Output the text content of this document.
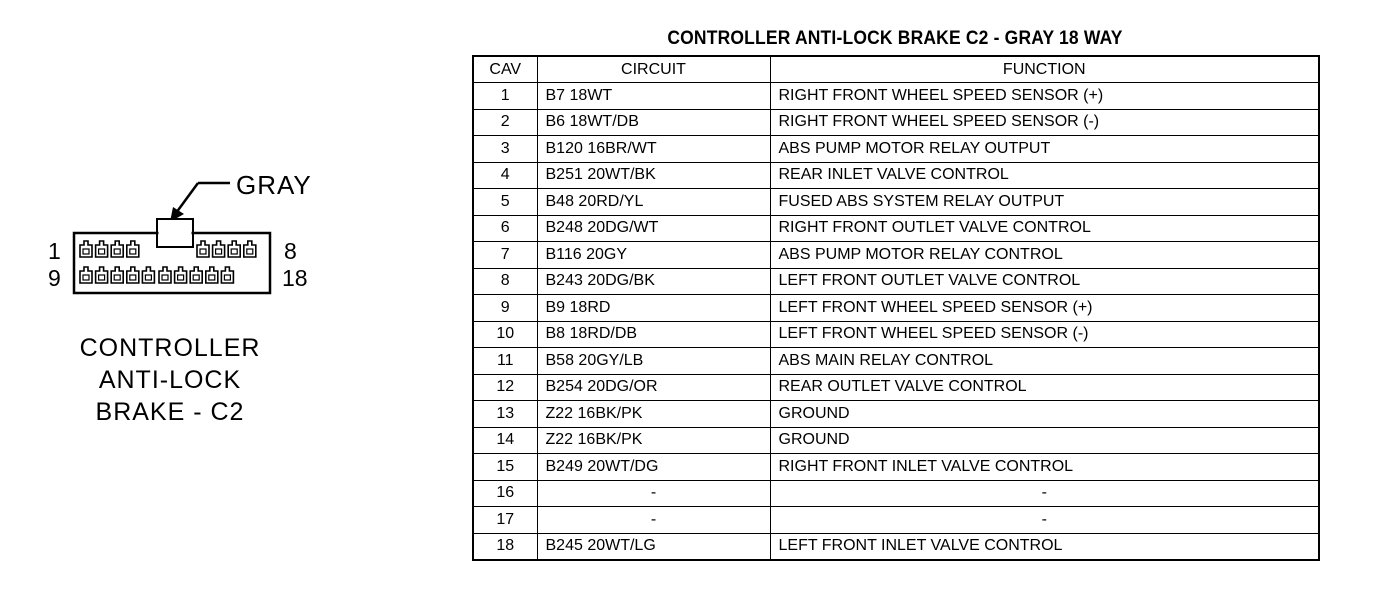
1	8
9	18
GRAY
CONTROLLER
ANTI-LOCK
BRAKE - C2
CONTROLLER ANTI-LOCK BRAKE C2 - GRAY 18 WAY
CAV	CIRCUIT	FUNCTION
1	B7 18WT	RIGHT FRONT WHEEL SPEED SENSOR (+)
2	B6 18WT/DB	RIGHT FRONT WHEEL SPEED SENSOR (-)
3	B120 16BR/WT	ABS PUMP MOTOR RELAY OUTPUT
4	B251 20WT/BK	REAR INLET VALVE CONTROL
5	B48 20RD/YL	FUSED ABS SYSTEM RELAY OUTPUT
6	B248 20DG/WT	RIGHT FRONT OUTLET VALVE CONTROL
7	B116 20GY	ABS PUMP MOTOR RELAY CONTROL
8	B243 20DG/BK	LEFT FRONT OUTLET VALVE CONTROL
9	B9 18RD	LEFT FRONT WHEEL SPEED SENSOR (+)
10	B8 18RD/DB	LEFT FRONT WHEEL SPEED SENSOR (-)
11	B58 20GY/LB	ABS MAIN RELAY CONTROL
12	B254 20DG/OR	REAR OUTLET VALVE CONTROL
13	Z22 16BK/PK	GROUND
14	Z22 16BK/PK	GROUND
15	B249 20WT/DG	RIGHT FRONT INLET VALVE CONTROL
16	-	-
17	-	-
18	B245 20WT/LG	LEFT FRONT INLET VALVE CONTROL
